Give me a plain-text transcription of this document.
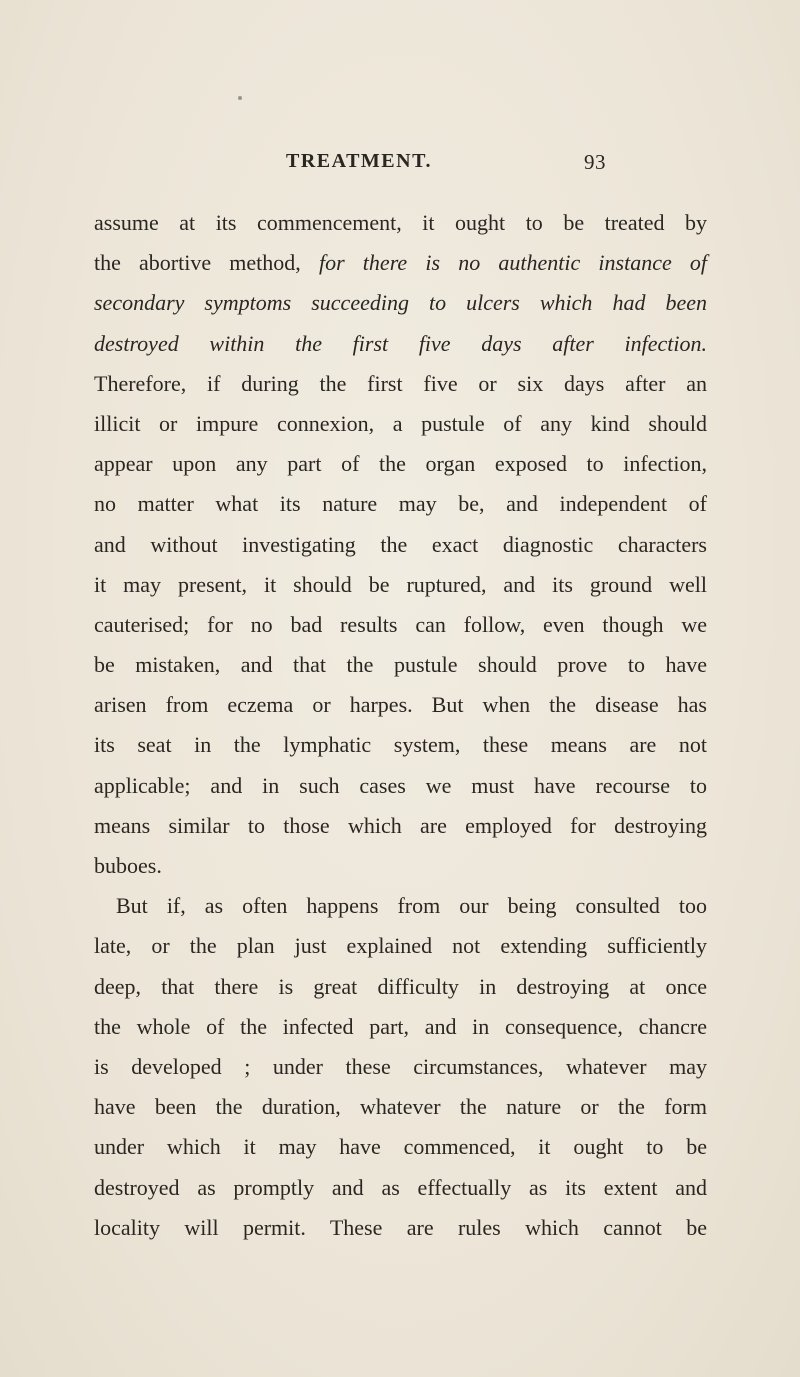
TREATMENT.	93
assume at its commencement, it ought to be treated by
the abortive method, for there is no authentic instance of
secondary symptoms succeeding to ulcers which had been
destroyed within the first five days after infection.
Therefore, if during the first five or six days after an
illicit or impure connexion, a pustule of any kind should
appear upon any part of the organ exposed to infection,
no matter what its nature may be, and independent of
and without investigating the exact diagnostic characters
it may present, it should be ruptured, and its ground well
cauterised; for no bad results can follow, even though we
be mistaken, and that the pustule should prove to have
arisen from eczema or harpes. But when the disease has
its seat in the lymphatic system, these means are not
applicable; and in such cases we must have recourse to
means similar to those which are employed for destroying
buboes.
But if, as often happens from our being consulted too
late, or the plan just explained not extending sufficiently
deep, that there is great difficulty in destroying at once
the whole of the infected part, and in consequence, chancre
is developed ; under these circumstances, whatever may
have been the duration, whatever the nature or the form
under which it may have commenced, it ought to be
destroyed as promptly and as effectually as its extent and
locality will permit. These are rules which cannot be
